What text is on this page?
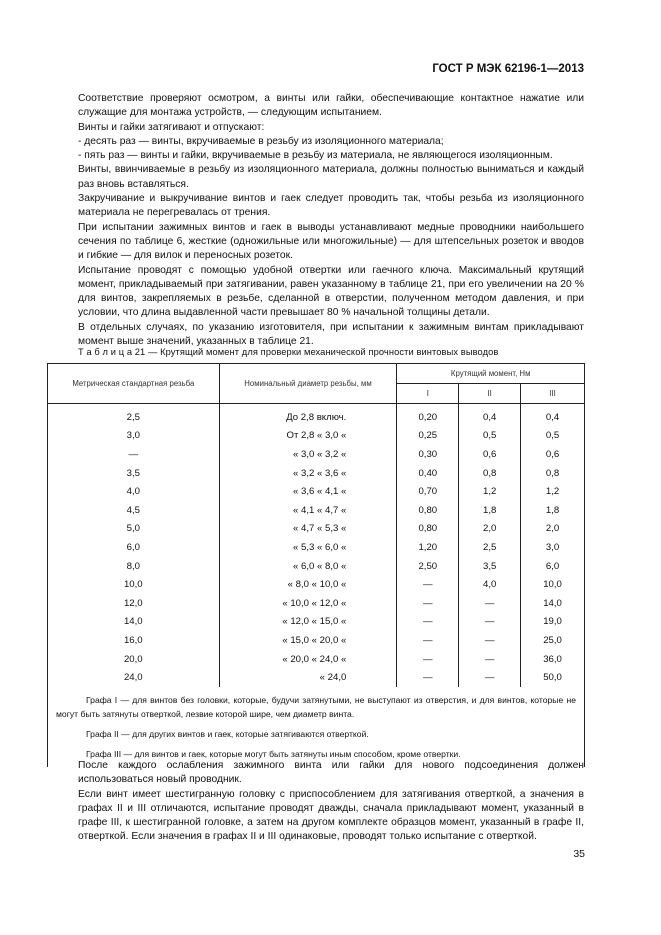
ГОСТ Р МЭК 62196-1—2013

Соответствие проверяют осмотром, а винты или гайки, обеспечивающие контактное нажатие или служащие для монтажа устройств, — следующим испытанием.

Винты и гайки затягивают и отпускают:

- десять раз — винты, вкручиваемые в резьбу из изоляционного материала;

- пять раз — винты и гайки, вкручиваемые в резьбу из материала, не являющегося изоляционным.

Винты, ввинчиваемые в резьбу из изоляционного материала, должны полностью выниматься и каждый раз вновь вставляться.

Закручивание и выкручивание винтов и гаек следует проводить так, чтобы резьба из изоляционного материала не перегревалась от трения.

При испытании зажимных винтов и гаек в выводы устанавливают медные проводники наибольшего сечения по таблице 6, жесткие (одножильные или многожильные) — для штепсельных розеток и вводов и гибкие — для вилок и переносных розеток.

Испытание проводят с помощью удобной отвертки или гаечного ключа. Максимальный крутящий момент, прикладываемый при затягивании, равен указанному в таблице 21, при его увеличении на 20 % для винтов, закрепляемых в резьбе, сделанной в отверстии, полученном методом давления, и при условии, что длина выдавленной части превышает 80 % начальной толщины детали.

В отдельных случаях, по указанию изготовителя, при испытании к зажимным винтам прикладывают момент выше значений, указанных в таблице 21.

Т а б л и ц а 21 — Крутящий момент для проверки механической прочности винтовых выводов
Метрическая стандартная резьба	Номинальный диаметр резьбы, мм	Крутящий момент, Нм		
		I	II	III
2,5	До 2,8 включ.	0,20	0,4	0,4
3,0	От 2,8 « 3,0 «	0,25	0,5	0,5
—	« 3,0 « 3,2 «	0,30	0,6	0,6
3,5	« 3,2 « 3,6 «	0,40	0,8	0,8
4,0	« 3,6 « 4,1 «	0,70	1,2	1,2
4,5	« 4,1 « 4,7 «	0,80	1,8	1,8
5,0	« 4,7 « 5,3 «	0,80	2,0	2,0
6,0	« 5,3 « 6,0 «	1,20	2,5	3,0
8,0	« 6,0 « 8,0 «	2,50	3,5	6,0
10,0	« 8,0 « 10,0 «	—	4,0	10,0
12,0	« 10,0 « 12,0 «	—	—	14,0
14,0	« 12,0 « 15,0 «	—	—	19,0
16,0	« 15,0 « 20,0 «	—	—	25,0
20,0	« 20,0 « 24,0 «	—	—	36,0
24,0	« 24,0	—	—	50,0

Графа I — для винтов без головки, которые, будучи затянутыми, не выступают из отверстия, и для винтов, которые не могут быть затянуты отверткой, лезвие которой шире, чем диаметр винта.

Графа II — для других винтов и гаек, которые затягиваются отверткой.

Графа III — для винтов и гаек, которые могут быть затянуты иным способом, кроме отвертки.				

После каждого ослабления зажимного винта или гайки для нового подсоединения должен использоваться новый проводник.

Если винт имеет шестигранную головку с приспособлением для затягивания отверткой, а значения в графах II и III отличаются, испытание проводят дважды, сначала прикладывают момент, указанный в графе III, к шестигранной головке, а затем на другом комплекте образцов момент, указанный в графе II, отверткой. Если значения в графах II и III одинаковые, проводят только испытание с отверткой.

35
